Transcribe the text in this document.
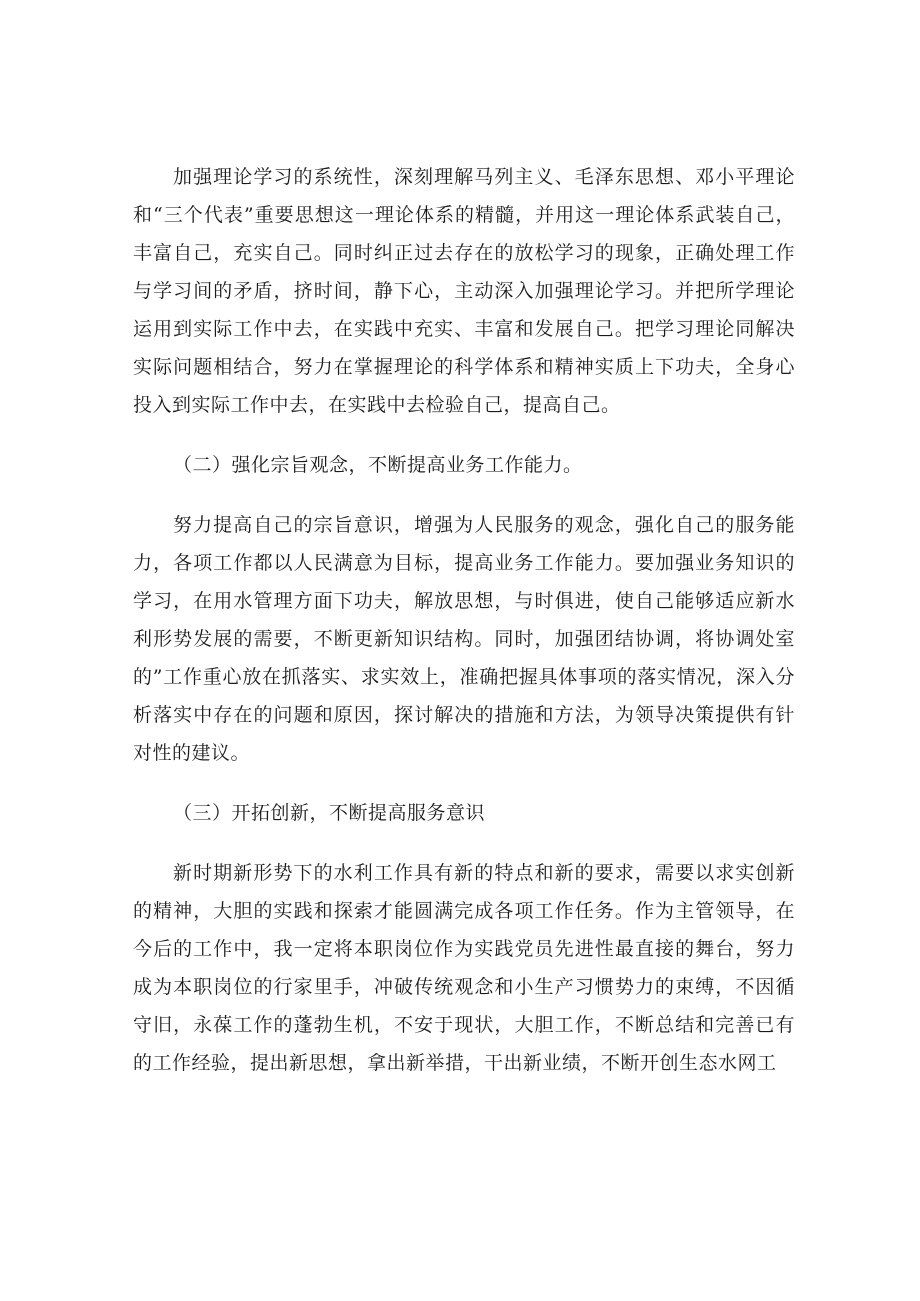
加强理论学习的系统性，深刻理解马列主义、毛泽东思想、邓小平理论和“三个代表”重要思想这一理论体系的精髓，并用这一理论体系武装自己，丰富自己，充实自己。同时纠正过去存在的放松学习的现象，正确处理工作与学习间的矛盾，挤时间，静下心，主动深入加强理论学习。并把所学理论运用到实际工作中去，在实践中充实、丰富和发展自己。把学习理论同解决实际问题相结合，努力在掌握理论的科学体系和精神实质上下功夫，全身心投入到实际工作中去，在实践中去检验自己，提高自己。

（二）强化宗旨观念，不断提高业务工作能力。

努力提高自己的宗旨意识，增强为人民服务的观念，强化自己的服务能力，各项工作都以人民满意为目标，提高业务工作能力。要加强业务知识的学习，在用水管理方面下功夫，解放思想，与时俱进，使自己能够适应新水利形势发展的需要，不断更新知识结构。同时，加强团结协调，将协调处室的”工作重心放在抓落实、求实效上，准确把握具体事项的落实情况，深入分析落实中存在的问题和原因，探讨解决的措施和方法，为领导决策提供有针对性的建议。

（三）开拓创新，不断提高服务意识

新时期新形势下的水利工作具有新的特点和新的要求，需要以求实创新的精神，大胆的实践和探索才能圆满完成各项工作任务。作为主管领导，在今后的工作中，我一定将本职岗位作为实践党员先进性最直接的舞台，努力成为本职岗位的行家里手，冲破传统观念和小生产习惯势力的束缚，不因循守旧，永葆工作的蓬勃生机，不安于现状，大胆工作，不断总结和完善已有的工作经验，提出新思想，拿出新举措，干出新业绩，不断开创生态水网工
